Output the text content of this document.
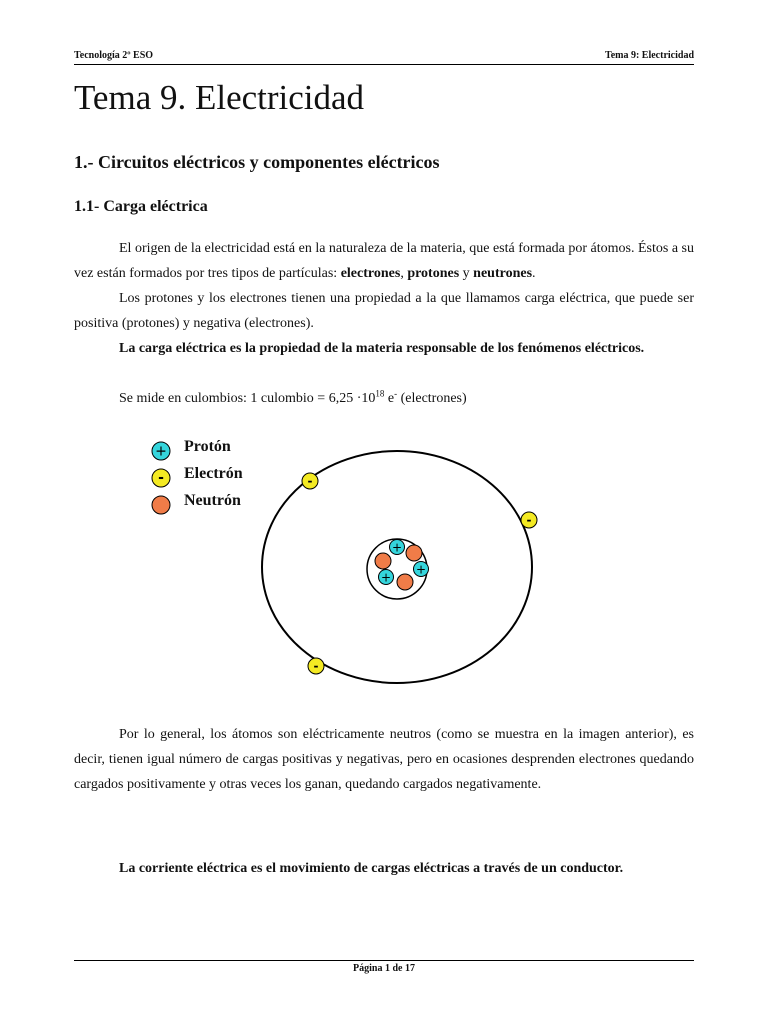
Tecnología 2º ESO	Tema 9: Electricidad
Tema 9. Electricidad
1.- Circuitos eléctricos y componentes eléctricos
1.1- Carga eléctrica

El origen de la electricidad está en la naturaleza de la materia, que está formada por átomos. Éstos a su vez están formados por tres tipos de partículas: electrones, protones y neutrones.

Los protones y los electrones tienen una propiedad a la que llamamos carga eléctrica, que puede ser positiva (protones) y negativa (electrones).

La carga eléctrica es la propiedad de la materia responsable de los fenómenos eléctricos.

Se mide en culombios: 1 culombio = $6,25 \cdot 10^{18}$ e- (electrones)

+ Protón
- Electrón
Neutrón
+
+
+
-
-
-

Por lo general, los átomos son eléctricamente neutros (como se muestra en la imagen anterior), es decir, tienen igual número de cargas positivas y negativas, pero en ocasiones desprenden electrones quedando cargados positivamente y otras veces los ganan, quedando cargados negativamente.

La corriente eléctrica es el movimiento de cargas eléctricas a través de un conductor.

Página 1 de 17
